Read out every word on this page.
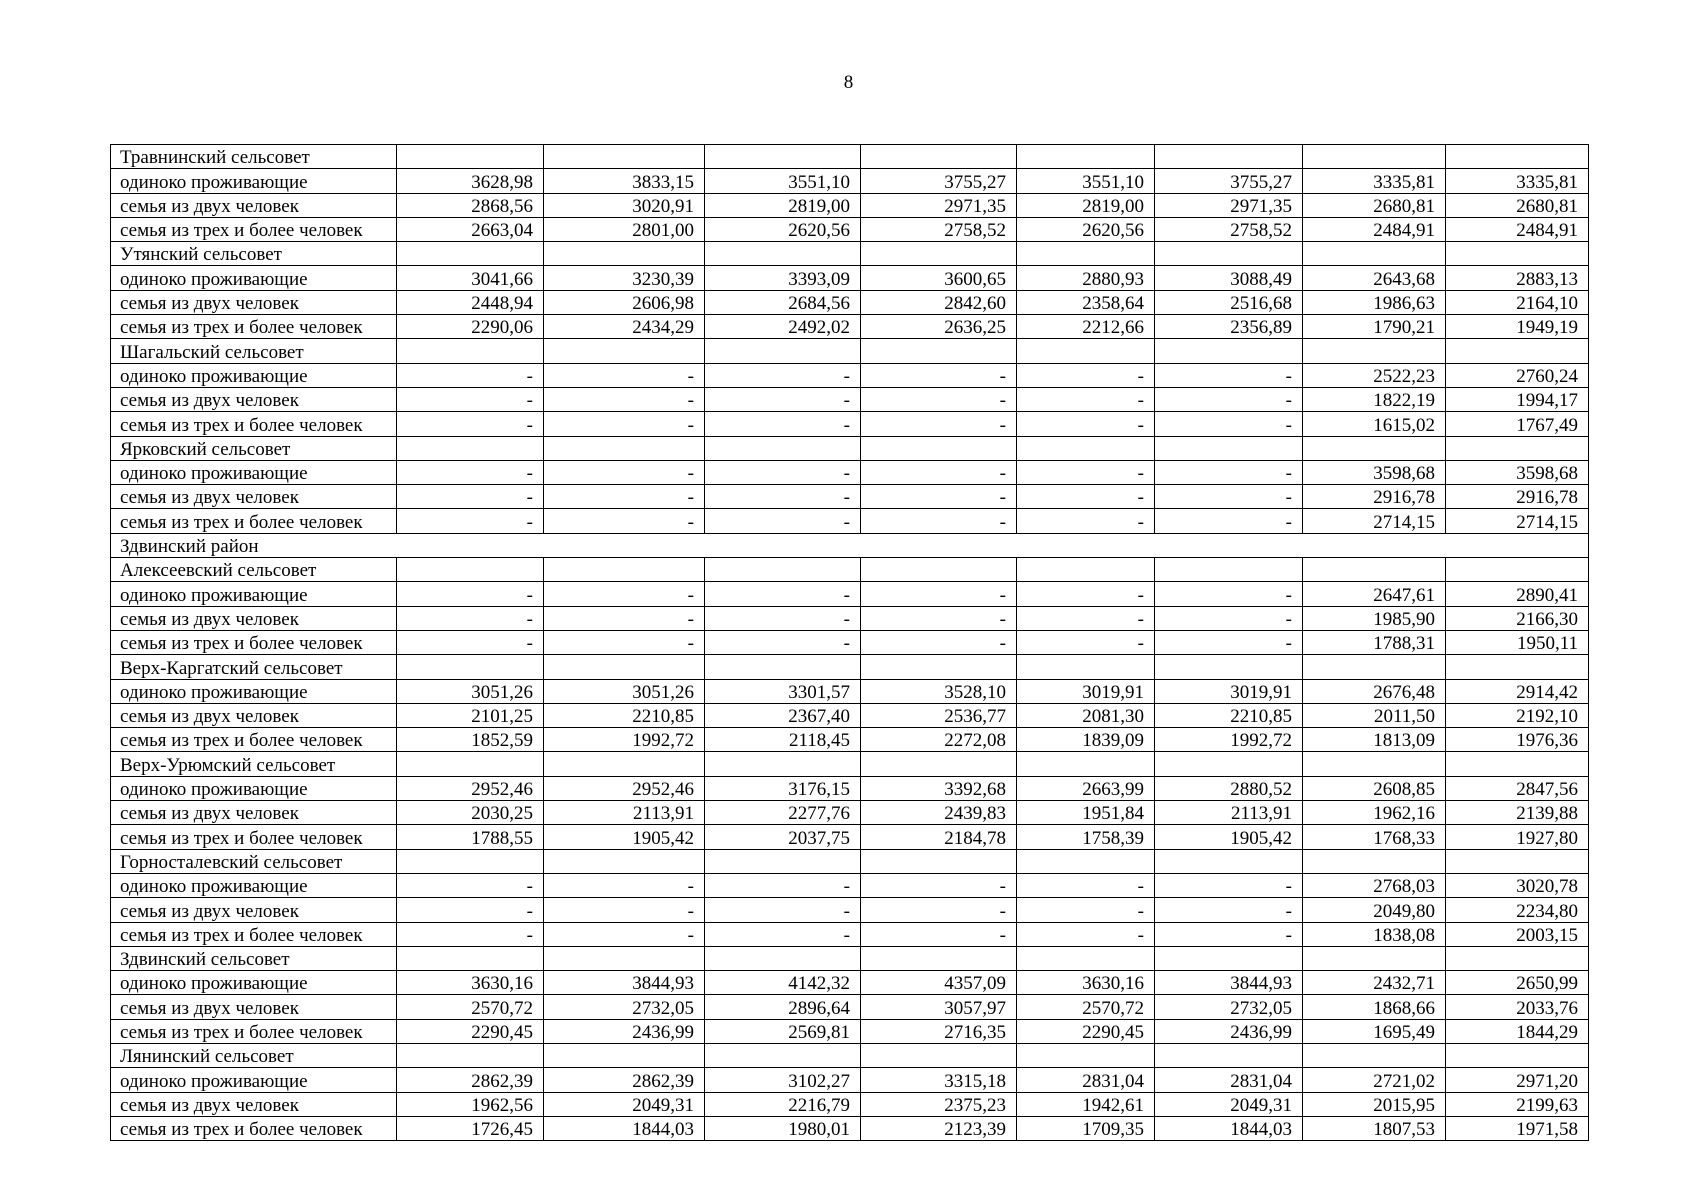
8
Травнинский сельсовет								
одиноко проживающие	3628,98	3833,15	3551,10	3755,27	3551,10	3755,27	3335,81	3335,81
семья из двух человек	2868,56	3020,91	2819,00	2971,35	2819,00	2971,35	2680,81	2680,81
семья из трех и более человек	2663,04	2801,00	2620,56	2758,52	2620,56	2758,52	2484,91	2484,91
Утянский сельсовет								
одиноко проживающие	3041,66	3230,39	3393,09	3600,65	2880,93	3088,49	2643,68	2883,13
семья из двух человек	2448,94	2606,98	2684,56	2842,60	2358,64	2516,68	1986,63	2164,10
семья из трех и более человек	2290,06	2434,29	2492,02	2636,25	2212,66	2356,89	1790,21	1949,19
Шагальский сельсовет								
одиноко проживающие	-	-	-	-	-	-	2522,23	2760,24
семья из двух человек	-	-	-	-	-	-	1822,19	1994,17
семья из трех и более человек	-	-	-	-	-	-	1615,02	1767,49
Ярковский сельсовет								
одиноко проживающие	-	-	-	-	-	-	3598,68	3598,68
семья из двух человек	-	-	-	-	-	-	2916,78	2916,78
семья из трех и более человек	-	-	-	-	-	-	2714,15	2714,15
Здвинский район								
Алексеевский сельсовет								
одиноко проживающие	-	-	-	-	-	-	2647,61	2890,41
семья из двух человек	-	-	-	-	-	-	1985,90	2166,30
семья из трех и более человек	-	-	-	-	-	-	1788,31	1950,11
Верх-Каргатский сельсовет								
одиноко проживающие	3051,26	3051,26	3301,57	3528,10	3019,91	3019,91	2676,48	2914,42
семья из двух человек	2101,25	2210,85	2367,40	2536,77	2081,30	2210,85	2011,50	2192,10
семья из трех и более человек	1852,59	1992,72	2118,45	2272,08	1839,09	1992,72	1813,09	1976,36
Верх-Урюмский сельсовет								
одиноко проживающие	2952,46	2952,46	3176,15	3392,68	2663,99	2880,52	2608,85	2847,56
семья из двух человек	2030,25	2113,91	2277,76	2439,83	1951,84	2113,91	1962,16	2139,88
семья из трех и более человек	1788,55	1905,42	2037,75	2184,78	1758,39	1905,42	1768,33	1927,80
Горносталевский сельсовет								
одиноко проживающие	-	-	-	-	-	-	2768,03	3020,78
семья из двух человек	-	-	-	-	-	-	2049,80	2234,80
семья из трех и более человек	-	-	-	-	-	-	1838,08	2003,15
Здвинский сельсовет								
одиноко проживающие	3630,16	3844,93	4142,32	4357,09	3630,16	3844,93	2432,71	2650,99
семья из двух человек	2570,72	2732,05	2896,64	3057,97	2570,72	2732,05	1868,66	2033,76
семья из трех и более человек	2290,45	2436,99	2569,81	2716,35	2290,45	2436,99	1695,49	1844,29
Лянинский сельсовет								
одиноко проживающие	2862,39	2862,39	3102,27	3315,18	2831,04	2831,04	2721,02	2971,20
семья из двух человек	1962,56	2049,31	2216,79	2375,23	1942,61	2049,31	2015,95	2199,63
семья из трех и более человек	1726,45	1844,03	1980,01	2123,39	1709,35	1844,03	1807,53	1971,58
